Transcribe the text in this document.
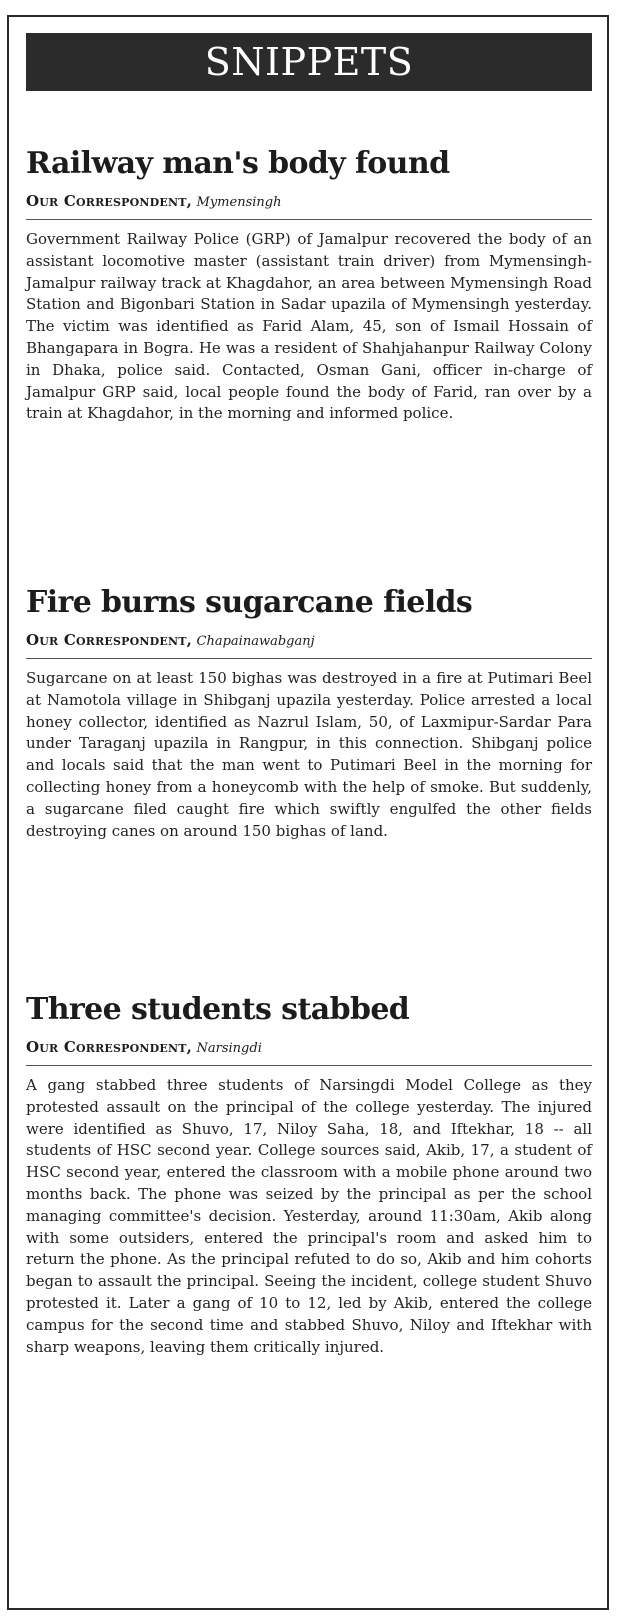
SNIPPETS
Railway man's body found
Our Correspondent, Mymensingh

Government Railway Police (GRP) of Jamalpur recovered the body of an assistant locomotive master (assistant train driver) from Mymensingh-Jamalpur railway track at Khagdahor, an area between Mymensingh Road Station and Bigonbari Station in Sadar upazila of Mymensingh yesterday. The victim was identified as Farid Alam, 45, son of Ismail Hossain of Bhangapara in Bogra. He was a resident of Shahjahanpur Railway Colony in Dhaka, police said. Contacted, Osman Gani, officer in-charge of Jamalpur GRP said, local people found the body of Farid, ran over by a train at Khagdahor, in the morning and informed police.

Fire burns sugarcane fields
Our Correspondent, Chapainawabganj

Sugarcane on at least 150 bighas was destroyed in a fire at Putimari Beel at Namotola village in Shibganj upazila yesterday. Police arrested a local honey collector, identified as Nazrul Islam, 50, of Laxmipur-Sardar Para under Taraganj upazila in Rangpur, in this connection. Shibganj police and locals said that the man went to Putimari Beel in the morning for collecting honey from a honeycomb with the help of smoke. But suddenly, a sugarcane filed caught fire which swiftly engulfed the other fields destroying canes on around 150 bighas of land.

Three students stabbed
Our Correspondent, Narsingdi

A gang stabbed three students of Narsingdi Model College as they protested assault on the principal of the college yesterday. The injured were identified as Shuvo, 17, Niloy Saha, 18, and Iftekhar, 18 -- all students of HSC second year. College sources said, Akib, 17, a student of HSC second year, entered the classroom with a mobile phone around two months back. The phone was seized by the principal as per the school managing committee's decision. Yesterday, around 11:30am, Akib along with some outsiders, entered the principal's room and asked him to return the phone. As the principal refuted to do so, Akib and him cohorts began to assault the principal. Seeing the incident, college student Shuvo protested it. Later a gang of 10 to 12, led by Akib, entered the college campus for the second time and stabbed Shuvo, Niloy and Iftekhar with sharp weapons, leaving them critically injured.
